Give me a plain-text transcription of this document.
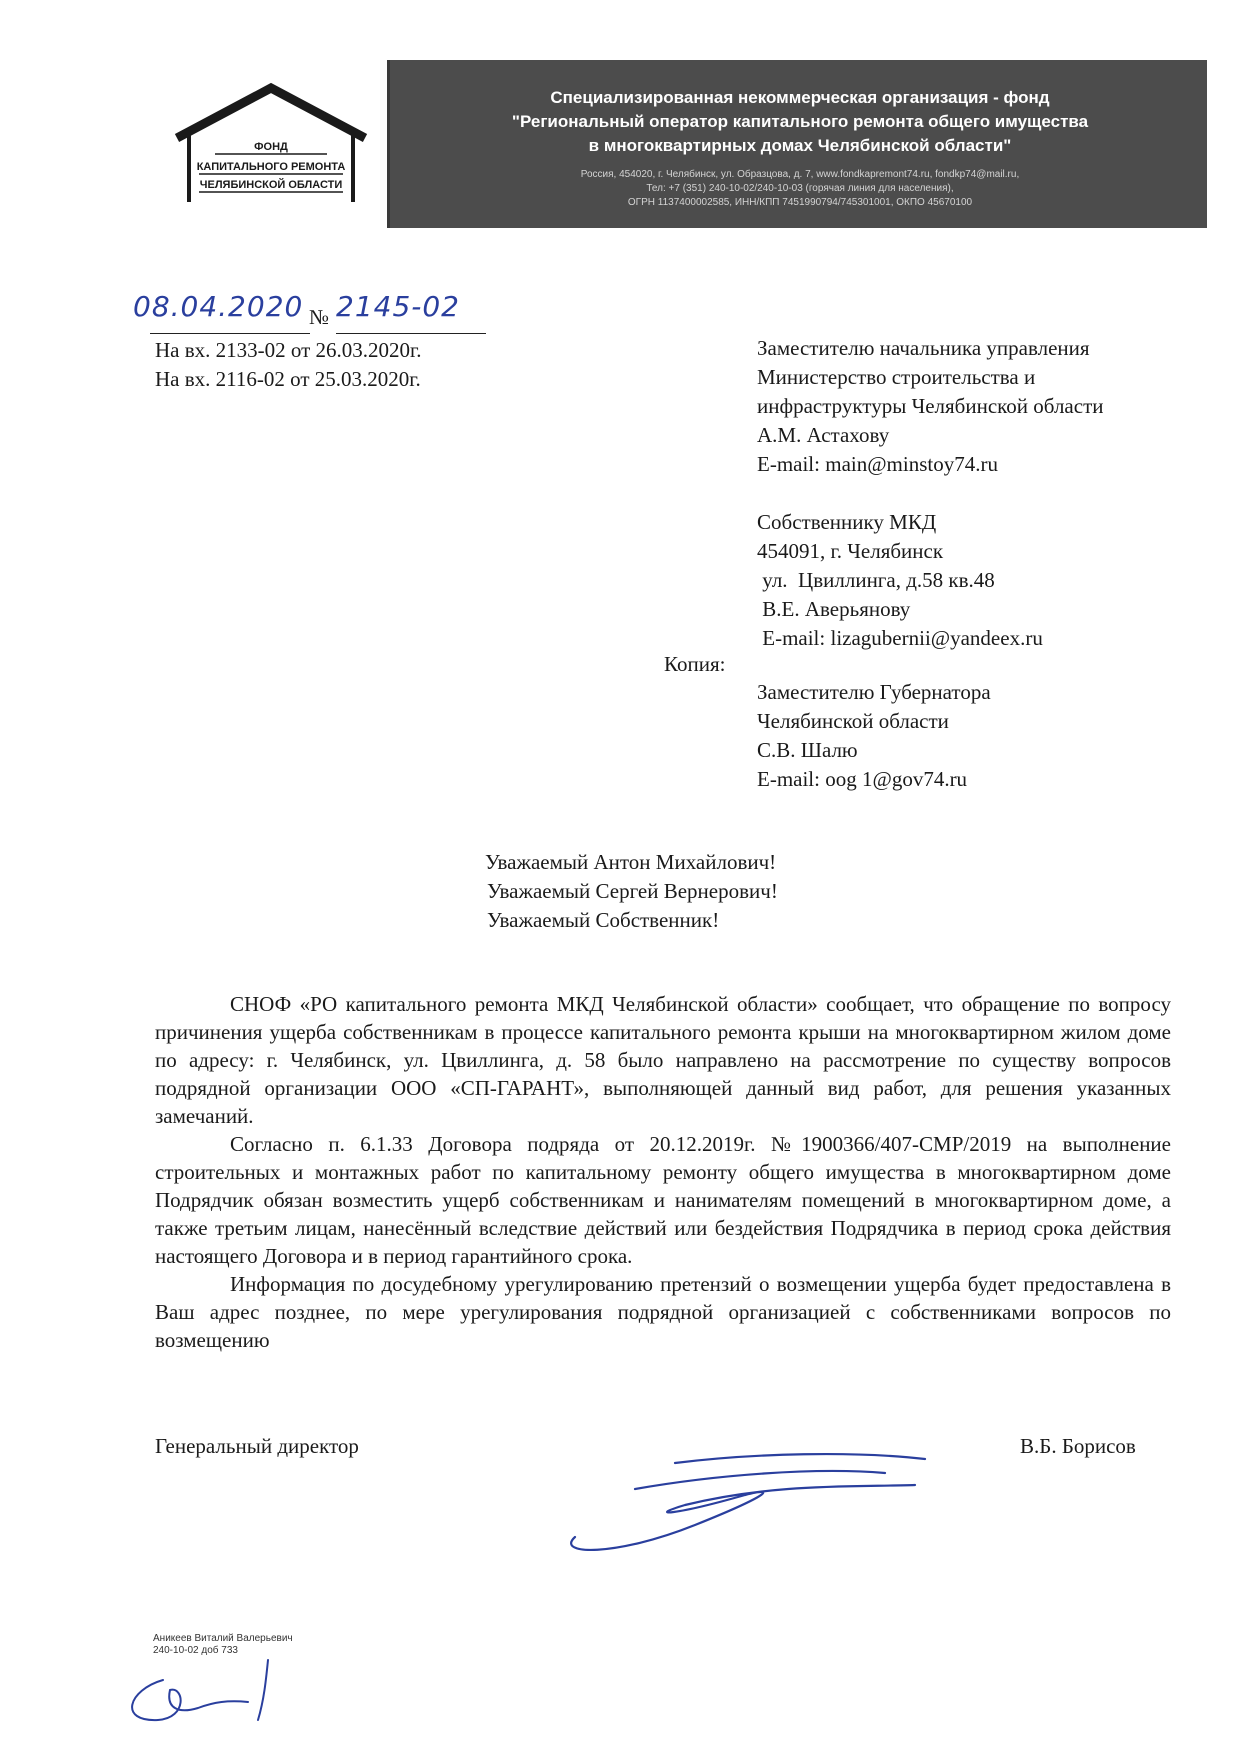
ФОНД
КАПИТАЛЬНОГО РЕМОНТА
ЧЕЛЯБИНСКОЙ ОБЛАСТИ
Специализированная некоммерческая организация - фонд
"Региональный оператор капитального ремонта общего имущества
в многоквартирных домах Челябинской области"
Россия, 454020, г. Челябинск, ул. Образцова, д. 7, www.fondkapremont74.ru, fondkp74@mail.ru,
Тел: +7 (351) 240-10-02/240-10-03 (горячая линия для населения),
ОГРН 1137400002585, ИНН/КПП 7451990794/745301001, ОКПО 45670100
08.04.2020 № 2145-02
На вх. 2133-02 от 26.03.2020г.
На вх. 2116-02 от 25.03.2020г.
Заместителю начальника управления
Министерство строительства и
инфраструктуры Челябинской области
А.М. Астахову
E-mail: main@minstoy74.ru
Собственнику МКД
454091, г. Челябинск
ул.  Цвиллинга, д.58 кв.48
В.Е. Аверьянову
E-mail: lizagubernii@yandeex.ru
Копия:
Заместителю Губернатора
Челябинской области
С.В. Шалю
E-mail: oog 1@gov74.ru
Уважаемый Антон Михайлович!
Уважаемый Сергей Вернерович!
Уважаемый Собственник!

СНОФ «РО капитального ремонта МКД Челябинской области» сообщает, что обращение по вопросу причинения ущерба собственникам в процессе капитального ремонта крыши на многоквартирном жилом доме по адресу: г. Челябинск, ул. Цвиллинга, д. 58 было направлено на рассмотрение по существу вопросов подрядной организации ООО «СП-ГАРАНТ», выполняющей данный вид работ, для решения указанных замечаний.

Согласно п. 6.1.33 Договора подряда от 20.12.2019г. №1900366/407-СМР/2019 на выполнение строительных и монтажных работ по капитальному ремонту общего имущества в многоквартирном доме Подрядчик обязан возместить ущерб собственникам и нанимателям помещений в многоквартирном доме, а также третьим лицам, нанесённый вследствие действий или бездействия Подрядчика в период срока действия настоящего Договора и в период гарантийного срока.

Информация по досудебному урегулированию претензий о возмещении ущерба будет предоставлена в Ваш адрес позднее, по мере урегулирования подрядной организацией с собственниками вопросов по возмещению

Генеральный директор	В.Б. Борисов
Аникеев Виталий Валерьевич
240-10-02 доб 733
